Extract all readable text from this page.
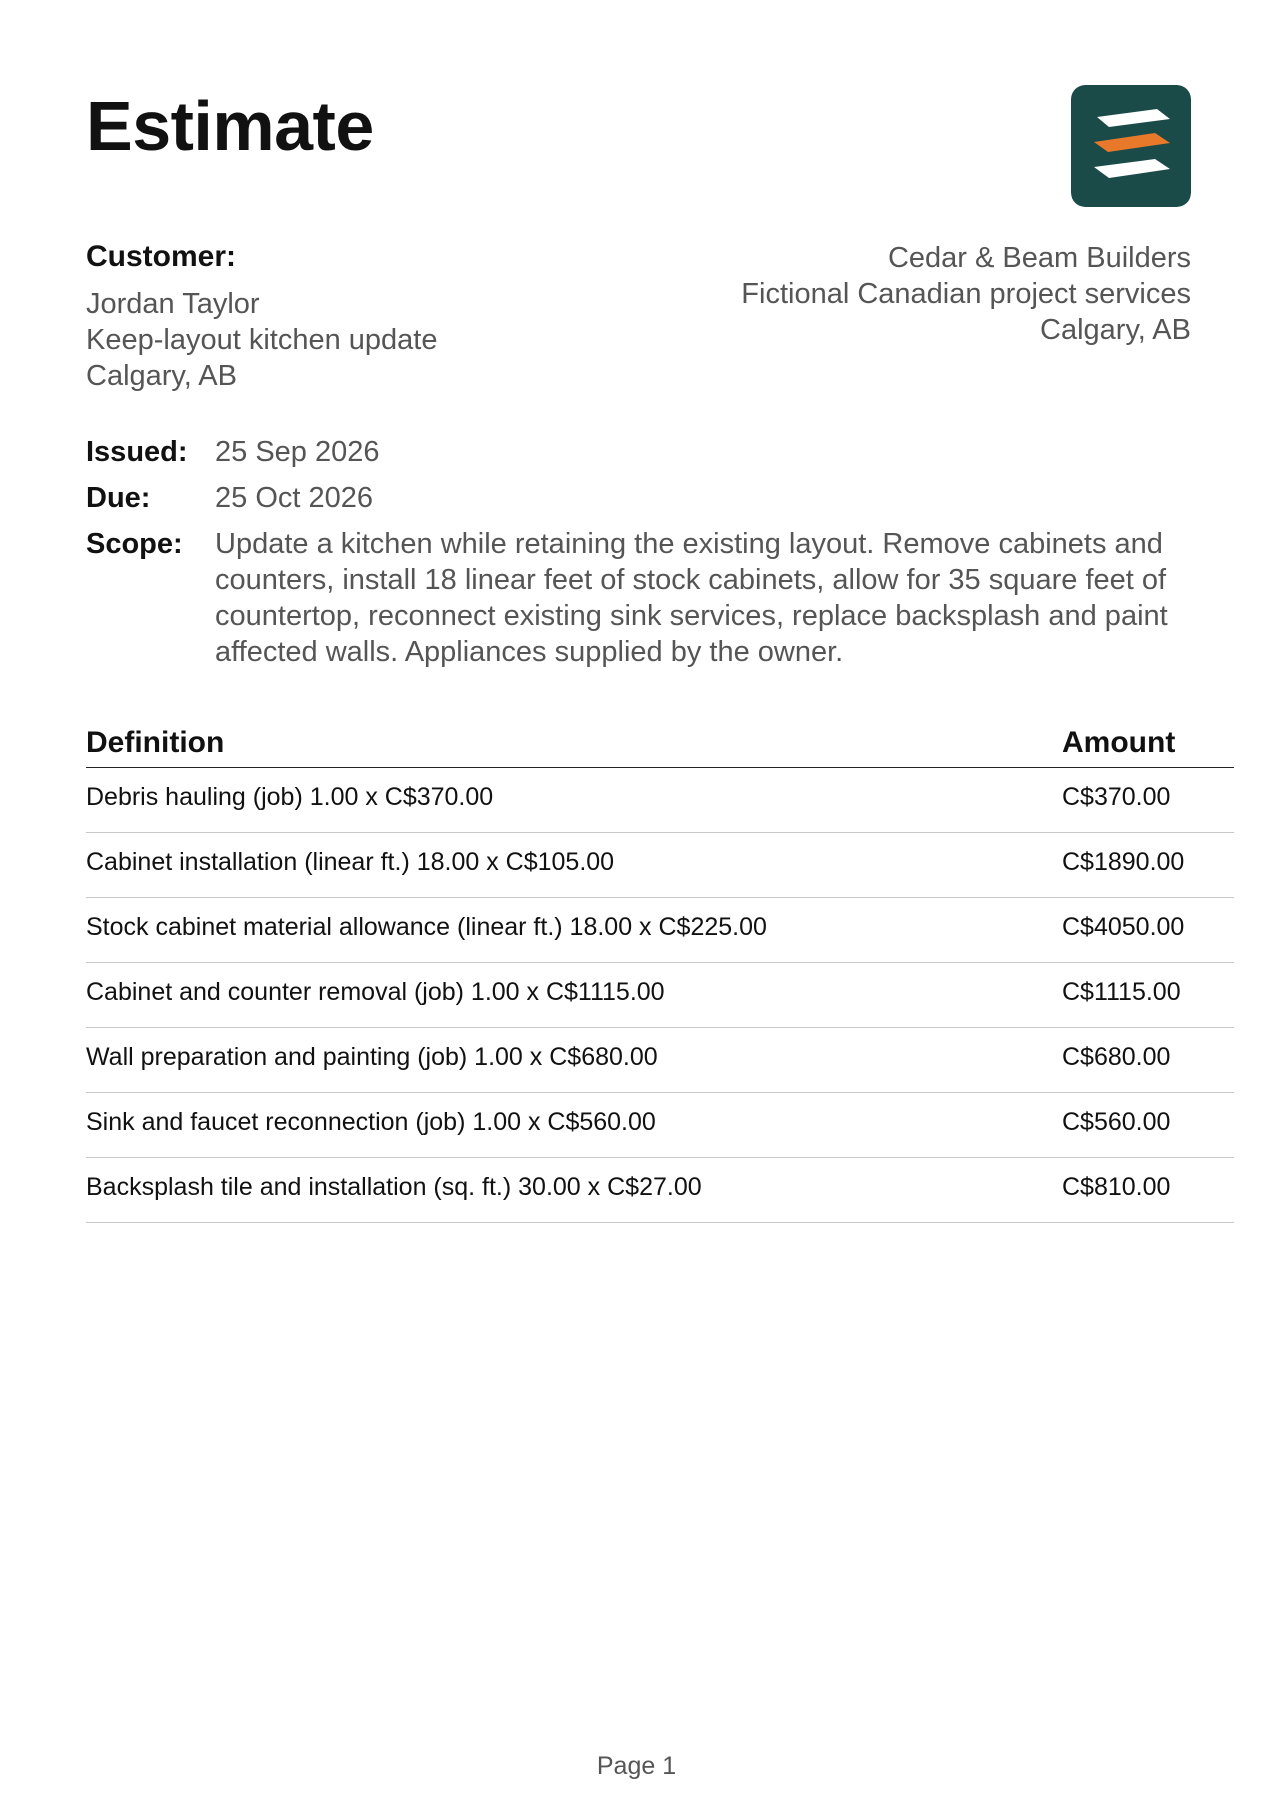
Estimate
Customer:
Jordan Taylor
Keep-layout kitchen update
Calgary, AB
Cedar & Beam Builders
Fictional Canadian project services
Calgary, AB
Issued: 25 Sep 2026
Due:	25 Oct 2026
Scope:	Update a kitchen while retaining the existing layout. Remove cabinets and counters, install 18 linear feet of stock cabinets, allow for 35 square feet of countertop, reconnect existing sink services, replace backsplash and paint affected walls. Appliances supplied by the owner.
Definition	Amount
Debris hauling (job) 1.00 x C$370.00	C$370.00
Cabinet installation (linear ft.) 18.00 x C$105.00	C$1890.00
Stock cabinet material allowance (linear ft.) 18.00 x C$225.00	C$4050.00
Cabinet and counter removal (job) 1.00 x C$1115.00	C$1115.00
Wall preparation and painting (job) 1.00 x C$680.00	C$680.00
Sink and faucet reconnection (job) 1.00 x C$560.00	C$560.00
Backsplash tile and installation (sq. ft.) 30.00 x C$27.00	C$810.00
Page 1
